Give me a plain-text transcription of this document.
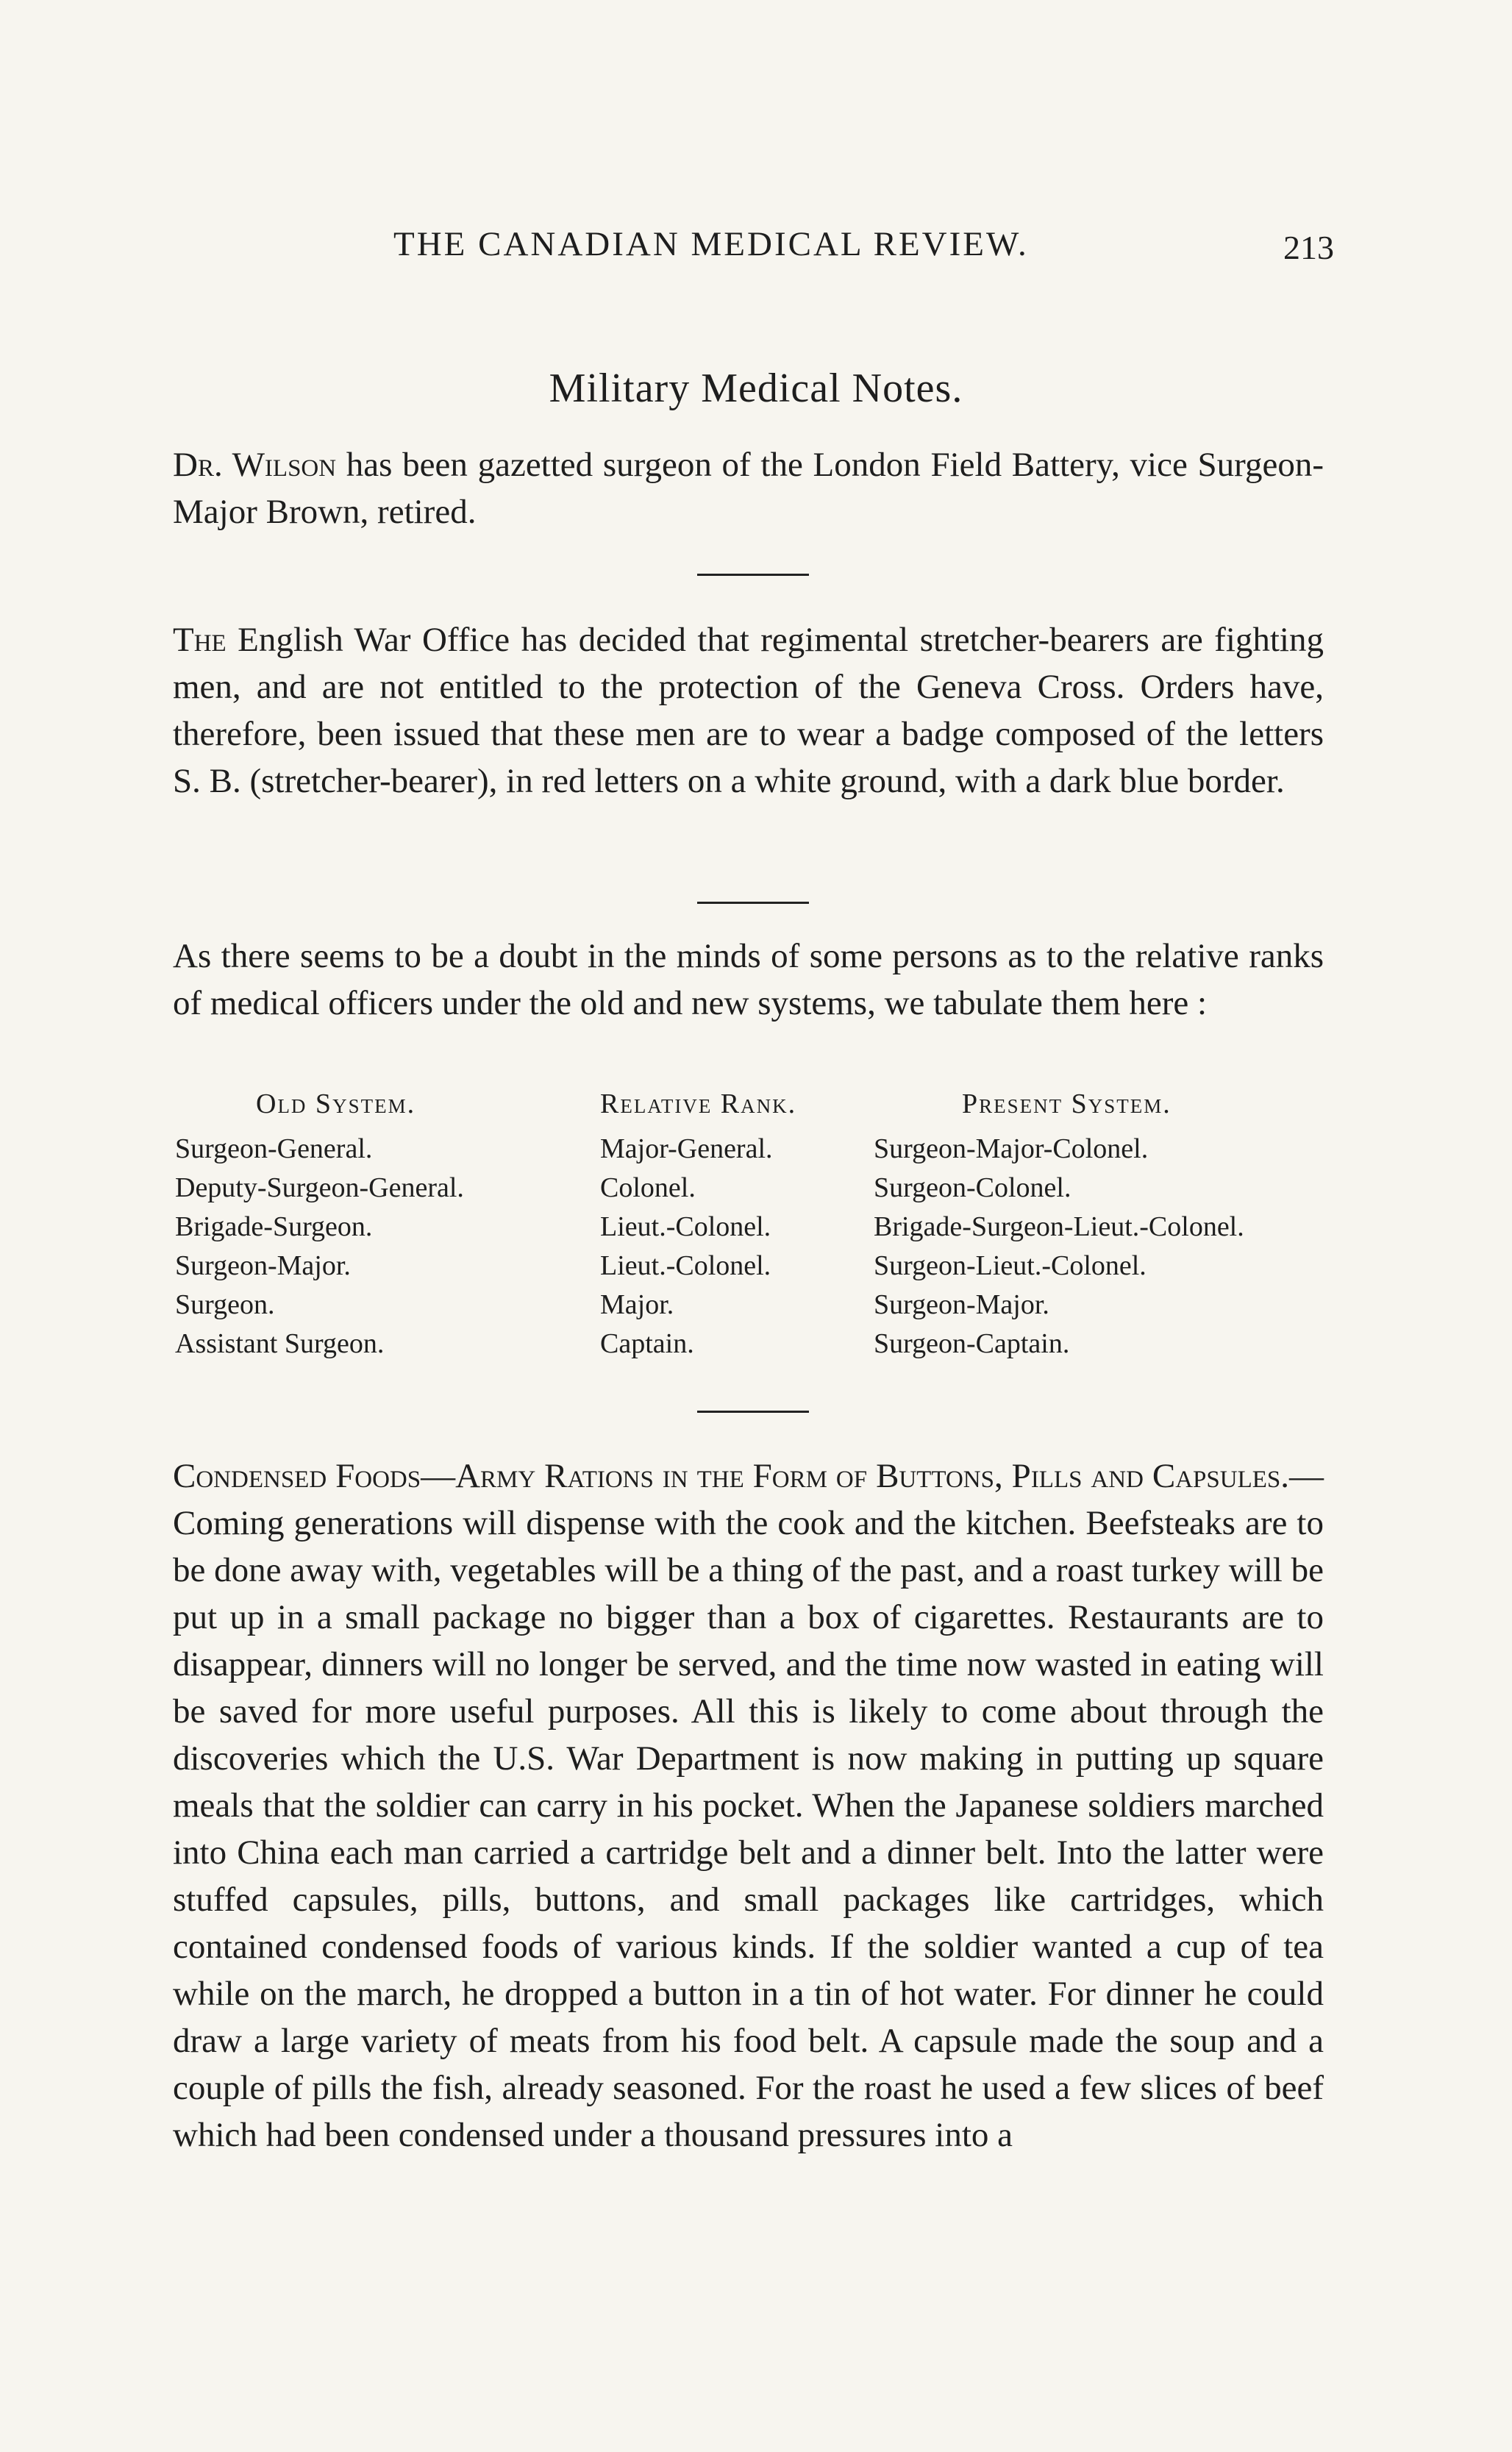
THE CANADIAN MEDICAL REVIEW.	213
Military Medical Notes.

Dr. Wilson has been gazetted surgeon of the London Field Battery, vice Surgeon-Major Brown, retired.

The English War Office has decided that regimental stretcher-bearers are fighting men, and are not entitled to the protection of the Geneva Cross. Orders have, therefore, been issued that these men are to wear a badge composed of the letters S. B. (stretcher-bearer), in red letters on a white ground, with a dark blue border.

As there seems to be a doubt in the minds of some persons as to the relative ranks of medical officers under the old and new systems, we tabulate them here :

Old System.
Surgeon-General.
Deputy-Surgeon-General.
Brigade-Surgeon.
Surgeon-Major.
Surgeon.
Assistant Surgeon.
Relative Rank.
Major-General.
Colonel.
Lieut.-Colonel.
Lieut.-Colonel.
Major.
Captain.
Present System.
Surgeon-Major-Colonel.
Surgeon-Colonel.
Brigade-Surgeon-Lieut.-Colonel.
Surgeon-Lieut.-Colonel.
Surgeon-Major.
Surgeon-Captain.

Condensed Foods—Army Rations in the Form of Buttons, Pills and Capsules.—Coming generations will dispense with the cook and the kitchen. Beefsteaks are to be done away with, vegetables will be a thing of the past, and a roast turkey will be put up in a small package no bigger than a box of cigarettes. Restaurants are to disappear, dinners will no longer be served, and the time now wasted in eating will be saved for more useful purposes. All this is likely to come about through the discoveries which the U.S. War Department is now making in putting up square meals that the soldier can carry in his pocket. When the Japanese soldiers marched into China each man carried a cartridge belt and a dinner belt. Into the latter were stuffed capsules, pills, buttons, and small packages like cartridges, which contained condensed foods of various kinds. If the soldier wanted a cup of tea while on the march, he dropped a button in a tin of hot water. For dinner he could draw a large variety of meats from his food belt. A capsule made the soup and a couple of pills the fish, already seasoned. For the roast he used a few slices of beef which had been condensed under a thousand pressures into a
